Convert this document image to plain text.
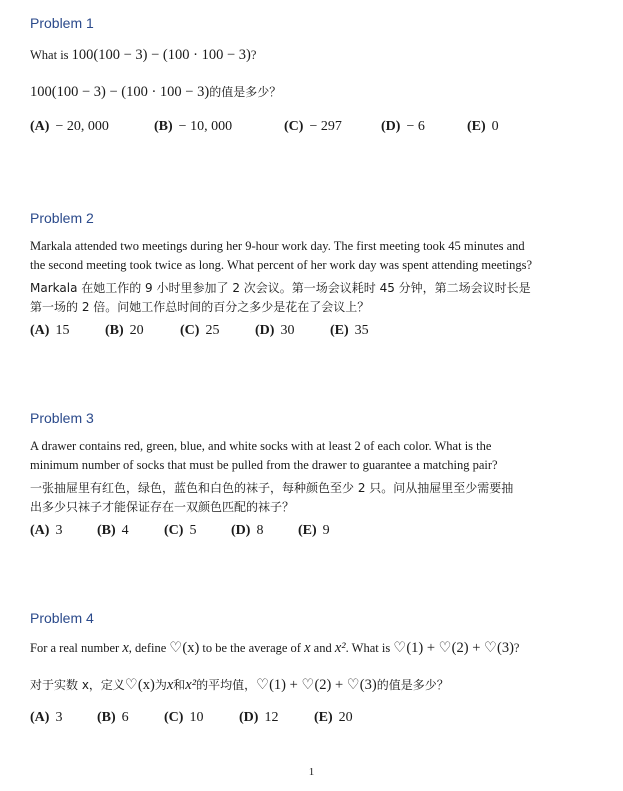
Problem 1

What is 100(100 − 3) − (100 · 100 − 3)?

100(100 − 3) − (100 · 100 − 3)的值是多少？

(A) − 20, 000	(B) − 10, 000	(C) − 297	(D) − 6	(E) 0
Problem 2

Markala attended two meetings during her 9-hour work day. The first meeting took 45 minutes and

the second meeting took twice as long. What percent of her work day was spent attending meetings?

Markala 在她工作的 9 小时里参加了 2 次会议。第一场会议耗时 45 分钟，第二场会议时长是

第一场的 2 倍。问她工作总时间的百分之多少是花在了会议上？

(A) 15	(B) 20	(C) 25	(D) 30	(E) 35
Problem 3

A drawer contains red, green, blue, and white socks with at least 2 of each color. What is the

minimum number of socks that must be pulled from the drawer to guarantee a matching pair?

一张抽屉里有红色，绿色，蓝色和白色的袜子，每种颜色至少 2 只。问从抽屉里至少需要抽

出多少只袜子才能保证存在一双颜色匹配的袜子？

(A) 3	(B) 4	(C) 5	(D) 8	(E) 9
Problem 4

For a real number x, define ♡(x) to be the average of x and x². What is ♡(1) + ♡(2) + ♡(3)?

对于实数 x，定义♡(x)为x和x²的平均值，♡(1) + ♡(2) + ♡(3)的值是多少？

(A) 3	(B) 6	(C) 10	(D) 12	(E) 20
1
